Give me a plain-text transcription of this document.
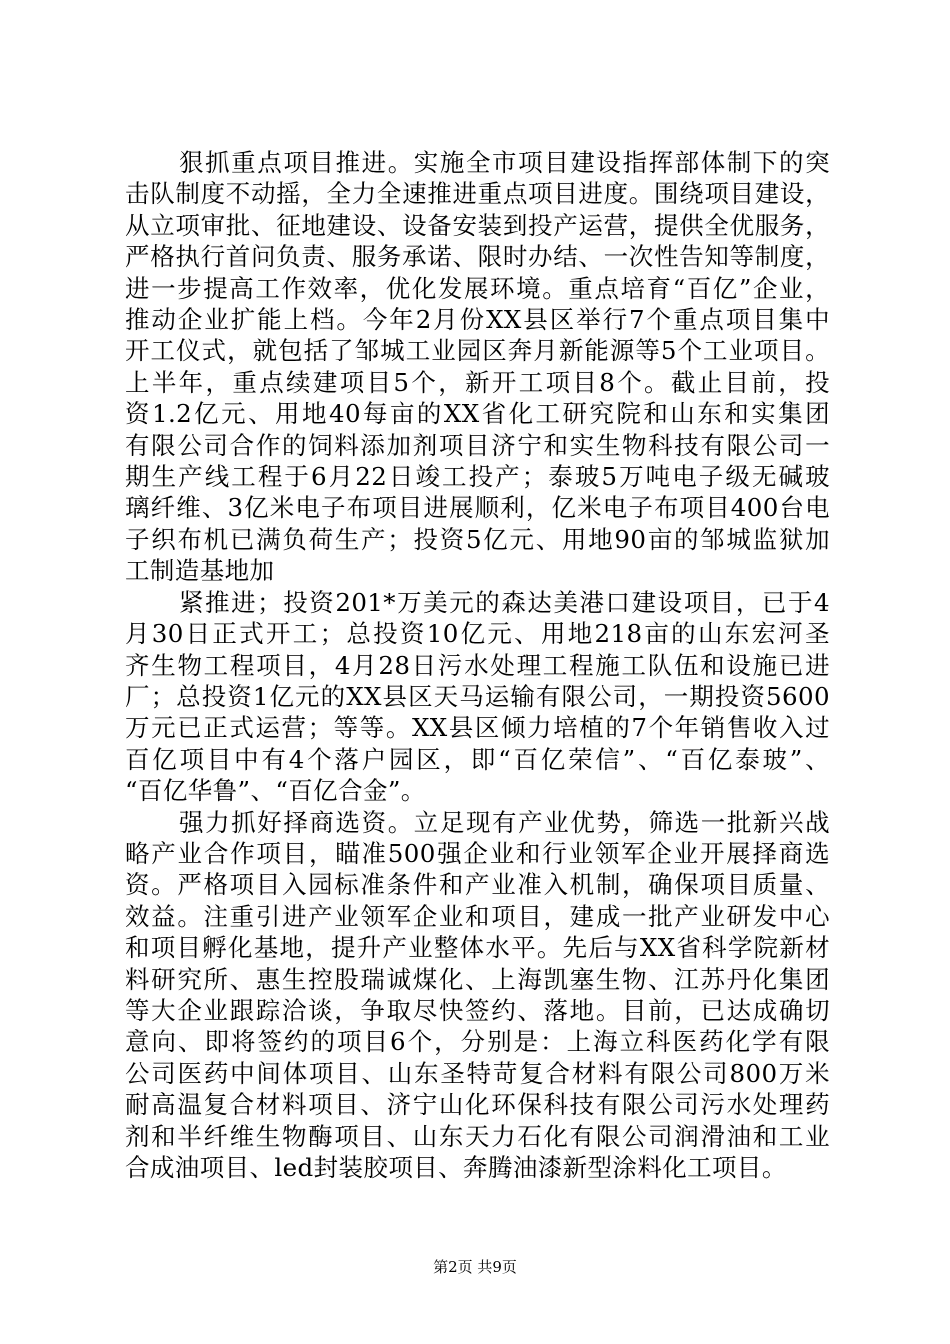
狠抓重点项目推进。实施全市项目建设指挥部体制下的突
击队制度不动摇，全力全速推进重点项目进度。围绕项目建设，
从立项审批、征地建设、设备安装到投产运营，提供全优服务，
严格执行首问负责、服务承诺、限时办结、一次性告知等制度，
进一步提高工作效率，优化发展环境。重点培育“百亿”企业，
推动企业扩能上档。今年2月份XX县区举行7个重点项目集中
开工仪式，就包括了邹城工业园区奔月新能源等5个工业项目。
上半年，重点续建项目5个，新开工项目8个。截止目前，投
资1.2亿元、用地40每亩的XX省化工研究院和山东和实集团
有限公司合作的饲料添加剂项目济宁和实生物科技有限公司一
期生产线工程于6月22日竣工投产；泰玻5万吨电子级无碱玻
璃纤维、3亿米电子布项目进展顺利，亿米电子布项目400台电
子织布机已满负荷生产；投资5亿元、用地90亩的邹城监狱加
工制造基地加
紧推进；投资201*万美元的森达美港口建设项目，已于4
月30日正式开工；总投资10亿元、用地218亩的山东宏河圣
齐生物工程项目，4月28日污水处理工程施工队伍和设施已进
厂；总投资1亿元的XX县区天马运输有限公司，一期投资5600
万元已正式运营；等等。XX县区倾力培植的7个年销售收入过
百亿项目中有4个落户园区，即“百亿荣信”、“百亿泰玻”、
“百亿华鲁”、“百亿合金”。
强力抓好择商选资。立足现有产业优势，筛选一批新兴战
略产业合作项目，瞄准500强企业和行业领军企业开展择商选
资。严格项目入园标准条件和产业准入机制，确保项目质量、
效益。注重引进产业领军企业和项目，建成一批产业研发中心
和项目孵化基地，提升产业整体水平。先后与XX省科学院新材
料研究所、惠生控股瑞诚煤化、上海凯塞生物、江苏丹化集团
等大企业跟踪洽谈，争取尽快签约、落地。目前，已达成确切
意向、即将签约的项目6个，分别是：上海立科医药化学有限
公司医药中间体项目、山东圣特苛复合材料有限公司800万米
耐高温复合材料项目、济宁山化环保科技有限公司污水处理药
剂和半纤维生物酶项目、山东天力石化有限公司润滑油和工业
合成油项目、led封装胶项目、奔腾油漆新型涂料化工项目。
第2页 共9页
